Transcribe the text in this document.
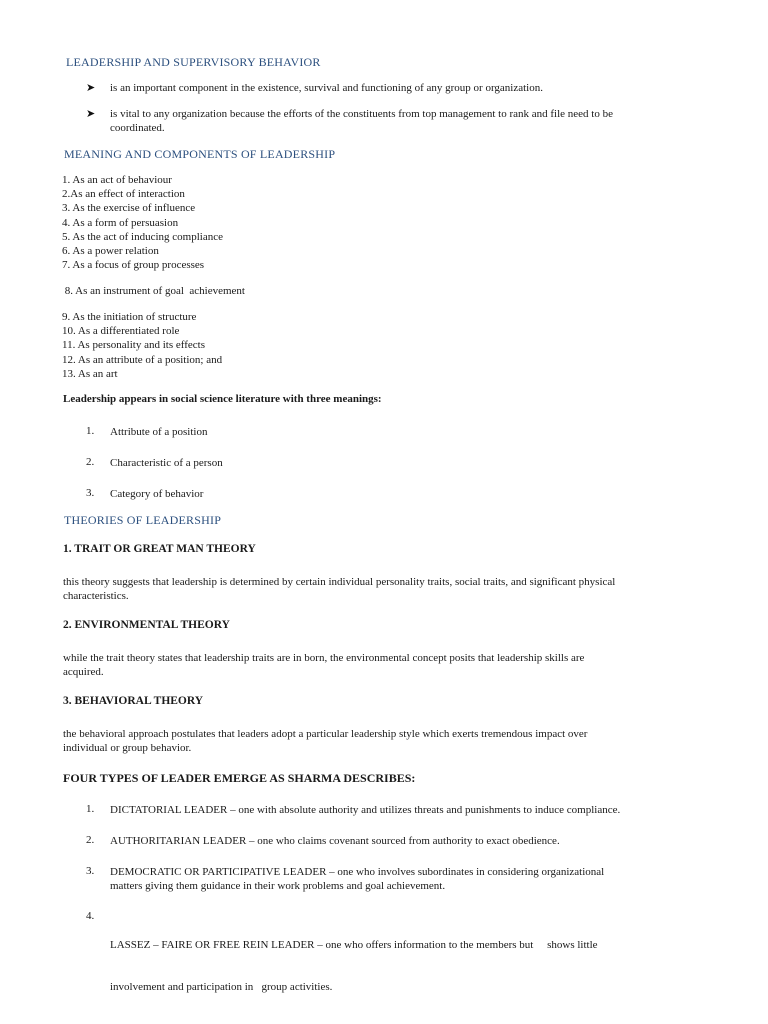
LEADERSHIP AND SUPERVISORY BEHAVIOR
➤ is an important component in the existence, survival and functioning of any group or organization.
➤ is vital to any organization because the efforts of the constituents from top management to rank and file need to be
coordinated.
MEANING AND COMPONENTS OF LEADERSHIP
1. As an act of behaviour
2.As an effect of interaction
3. As the exercise of influence
4. As a form of persuasion
5. As the act of inducing compliance
6. As a power relation
7. As a focus of group processes
8. As an instrument of goal  achievement
9. As the initiation of structure
10. As a differentiated role
11. As personality and its effects
12. As an attribute of a position; and
13. As an art
Leadership appears in social science literature with three meanings:
1. Attribute of a position
2. Characteristic of a person
3. Category of behavior
THEORIES OF LEADERSHIP
1. TRAIT OR GREAT MAN THEORY
this theory suggests that leadership is determined by certain individual personality traits, social traits, and significant physical
characteristics.
2. ENVIRONMENTAL THEORY
while the trait theory states that leadership traits are in born, the environmental concept posits that leadership skills are
acquired.
3. BEHAVIORAL THEORY
the behavioral approach postulates that leaders adopt a particular leadership style which exerts tremendous impact over
individual or group behavior.
FOUR TYPES OF LEADER EMERGE AS SHARMA DESCRIBES:
1. DICTATORIAL LEADER – one with absolute authority and utilizes threats and punishments to induce compliance.
2. AUTHORITARIAN LEADER – one who claims covenant sourced from authority to exact obedience.
3. DEMOCRATIC OR PARTICIPATIVE LEADER – one who involves subordinates in considering organizational
matters giving them guidance in their work problems and goal achievement.
4.

LASSEZ – FAIRE OR FREE REIN LEADER – one who offers information to the members but     shows little

involvement and participation in   group activities.
